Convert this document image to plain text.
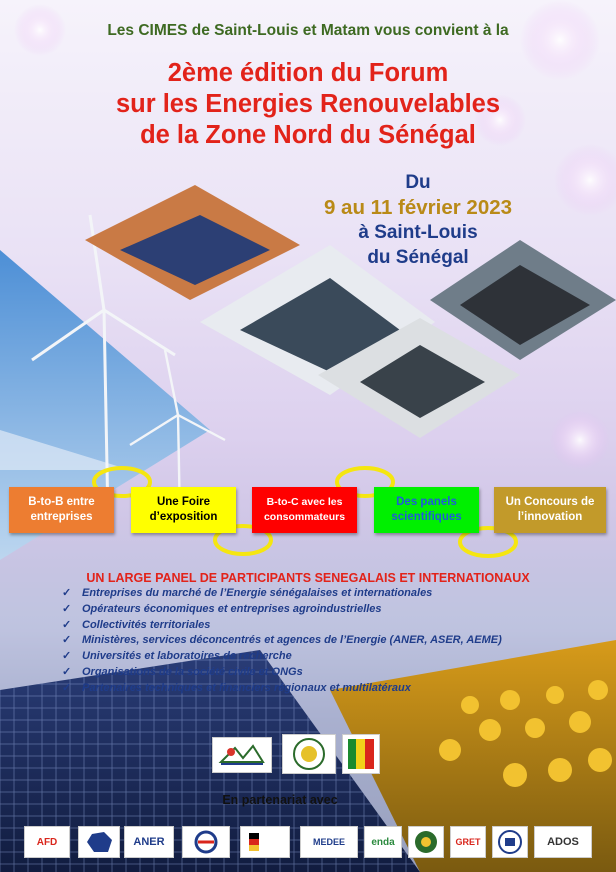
Les CIMES de Saint-Louis et Matam vous convient à la
2ème édition du Forum
sur les Energies Renouvelables
de la Zone Nord du Sénégal
Du
9 au 11 février 2023
à Saint-Louis
du Sénégal
B-to-B entre entreprises
Une Foire d’exposition
B-to-C avec les consommateurs
Des panels scientifiques
Un Concours de l’innovation
UN LARGE PANEL DE PARTICIPANTS SENEGALAIS ET INTERNATIONAUX
✓ Entreprises du marché de l’Energie sénégalaises et internationales
✓ Opérateurs économiques et entreprises agroindustrielles
✓ Collectivités territoriales
✓ Ministères, services déconcentrés et agences de l’Energie (ANER, ASER, AEME)
✓ Universités et laboratoires de recherche
✓ Organisations de la société civile et ONGs
✓ Partenaires techniques et financiers régionaux et multilatéraux
En partenariat avec
AFD	ANER	MEDEE	enda	GRET	ADOS
